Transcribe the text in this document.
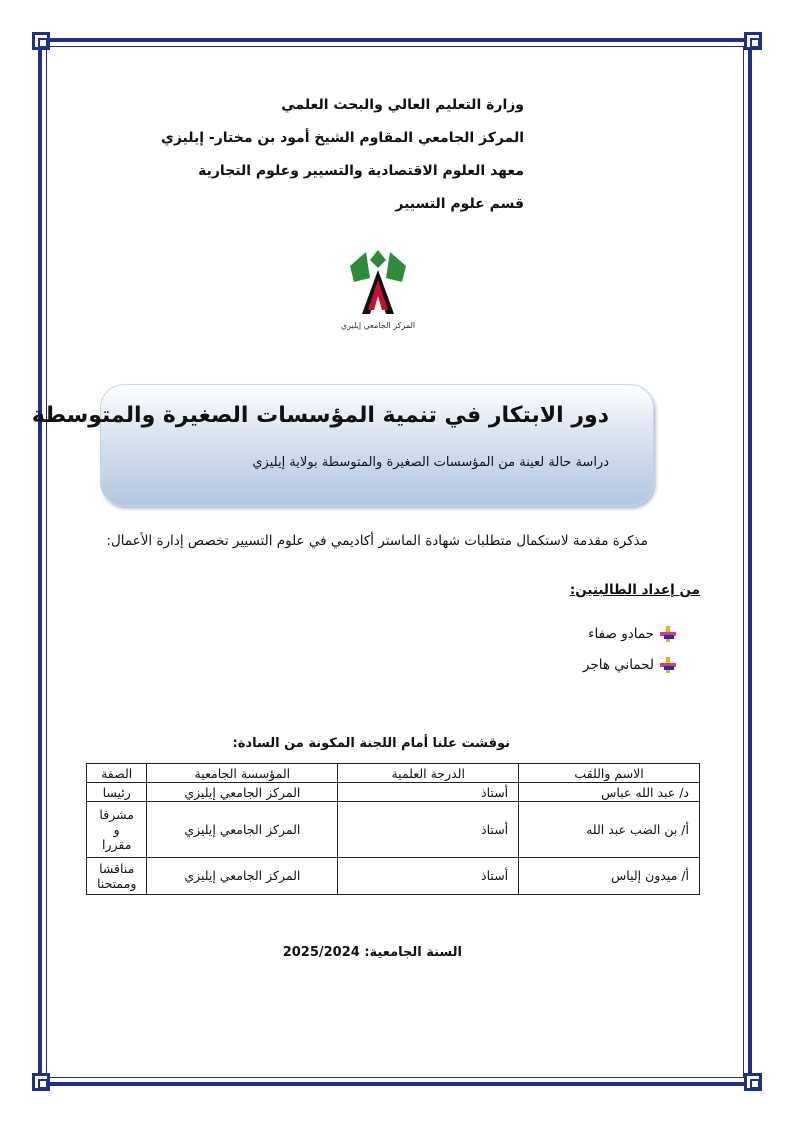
وزارة التعليم العالي والبحث العلمي
المركز الجامعي المقاوم الشيخ أمود بن مختار- إيليزي
معهد العلوم الاقتصادية والتسيير وعلوم التجارية
قسم علوم التسيير
المركز الجامعي إيليزي
دور الابتكار في تنمية المؤسسات الصغيرة والمتوسطة
دراسة حالة لعينة من المؤسسات الصغيرة والمتوسطة بولاية إيليزي
مذكرة مقدمة لاستكمال متطلبات شهادة الماستر أكاديمي في علوم التسيير تخصص إدارة الأعمال:
من إعداد الطالبتين:
حمادو صفاء
لحماني هاجر
نوقشت علنا أمام اللجنة المكونة من السادة:
الاسم واللقب	الدرجة العلمية	المؤسسة الجامعية	الصفة
د/ عبد الله عباس	أستاذ	المركز الجامعي إيليزي	رئيسا
أ/ بن الضب عبد الله	أستاذ	المركز الجامعي إيليزي	مشرفا و مقررا
أ/ ميدون إلياس	أستاذ	المركز الجامعي إيليزي	مناقشا وممتحنا
السنة الجامعية: 2025/2024
